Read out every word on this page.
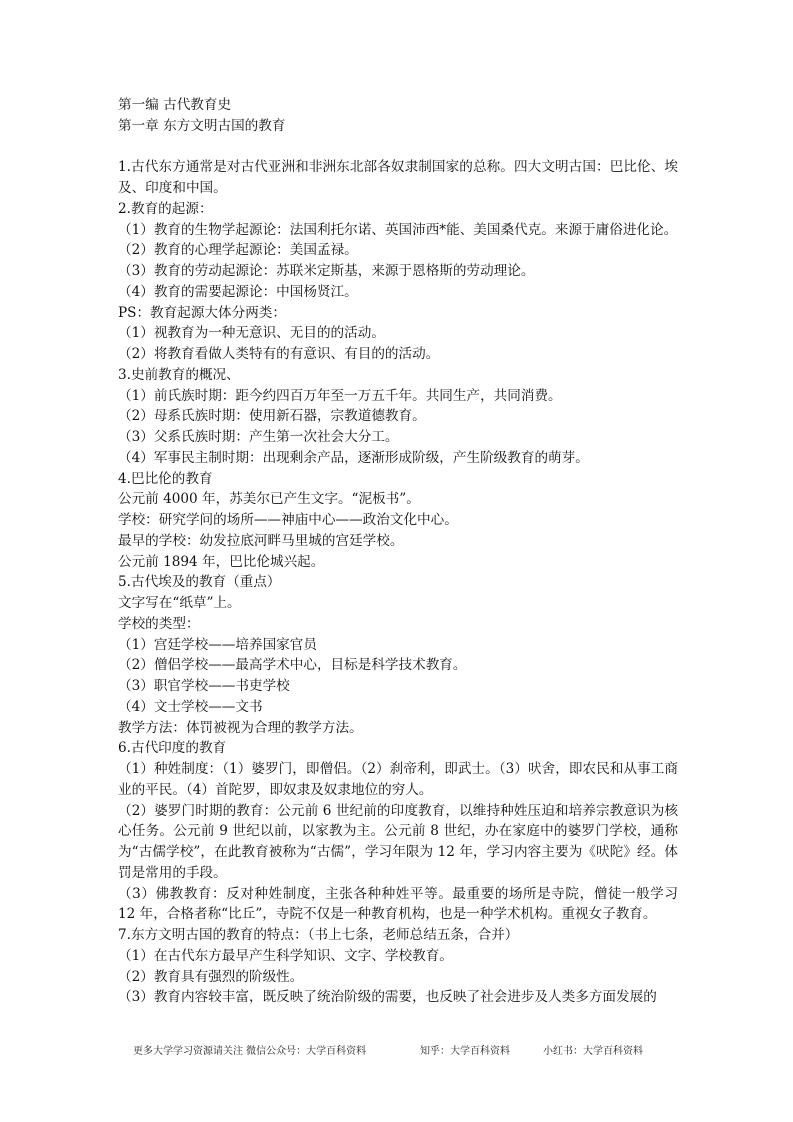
第一编 古代教育史
第一章 东方文明古国的教育
1.古代东方通常是对古代亚洲和非洲东北部各奴隶制国家的总称。四大文明古国：巴比伦、埃及、印度和中国。
2.教育的起源：
（1）教育的生物学起源论：法国利托尔诺、英国沛西*能、美国桑代克。来源于庸俗进化论。
（2）教育的心理学起源论：美国孟禄。
（3）教育的劳动起源论：苏联米定斯基，来源于恩格斯的劳动理论。
（4）教育的需要起源论：中国杨贤江。
PS：教育起源大体分两类：
（1）视教育为一种无意识、无目的的活动。
（2）将教育看做人类特有的有意识、有目的的活动。
3.史前教育的概况、
（1）前氏族时期：距今约四百万年至一万五千年。共同生产，共同消费。
（2）母系氏族时期：使用新石器，宗教道德教育。
（3）父系氏族时期：产生第一次社会大分工。
（4）军事民主制时期：出现剩余产品，逐渐形成阶级，产生阶级教育的萌芽。
4.巴比伦的教育
公元前 4000 年，苏美尔已产生文字。“泥板书”。
学校：研究学问的场所——神庙中心——政治文化中心。
最早的学校：幼发拉底河畔马里城的宫廷学校。
公元前 1894 年，巴比伦城兴起。
5.古代埃及的教育（重点）
文字写在“纸草”上。
学校的类型：
（1）宫廷学校——培养国家官员
（2）僧侣学校——最高学术中心，目标是科学技术教育。
（3）职官学校——书吏学校
（4）文士学校——文书
教学方法：体罚被视为合理的教学方法。
6.古代印度的教育
（1）种姓制度：（1）婆罗门，即僧侣。（2）刹帝利，即武士。（3）吠舍，即农民和从事工商业的平民。（4）首陀罗，即奴隶及奴隶地位的穷人。
（2）婆罗门时期的教育：公元前 6 世纪前的印度教育，以维持种姓压迫和培养宗教意识为核心任务。公元前 9 世纪以前，以家教为主。公元前 8 世纪，办在家庭中的婆罗门学校，通称为“古儒学校”，在此教育被称为“古儒”，学习年限为 12 年，学习内容主要为《吠陀》经。体罚是常用的手段。
（3）佛教教育：反对种姓制度，主张各种种姓平等。最重要的场所是寺院，僧徒一般学习 12 年，合格者称“比丘”，寺院不仅是一种教育机构，也是一种学术机构。重视女子教育。
7.东方文明古国的教育的特点：（书上七条，老师总结五条，合并）
（1）在古代东方最早产生科学知识、文字、学校教育。
（2）教育具有强烈的阶级性。
（3）教育内容较丰富，既反映了统治阶级的需要，也反映了社会进步及人类多方面发展的
更多大学学习资源请关注 微信公众号：大学百科资料	知乎：大学百科资料	小红书：大学百科资料
